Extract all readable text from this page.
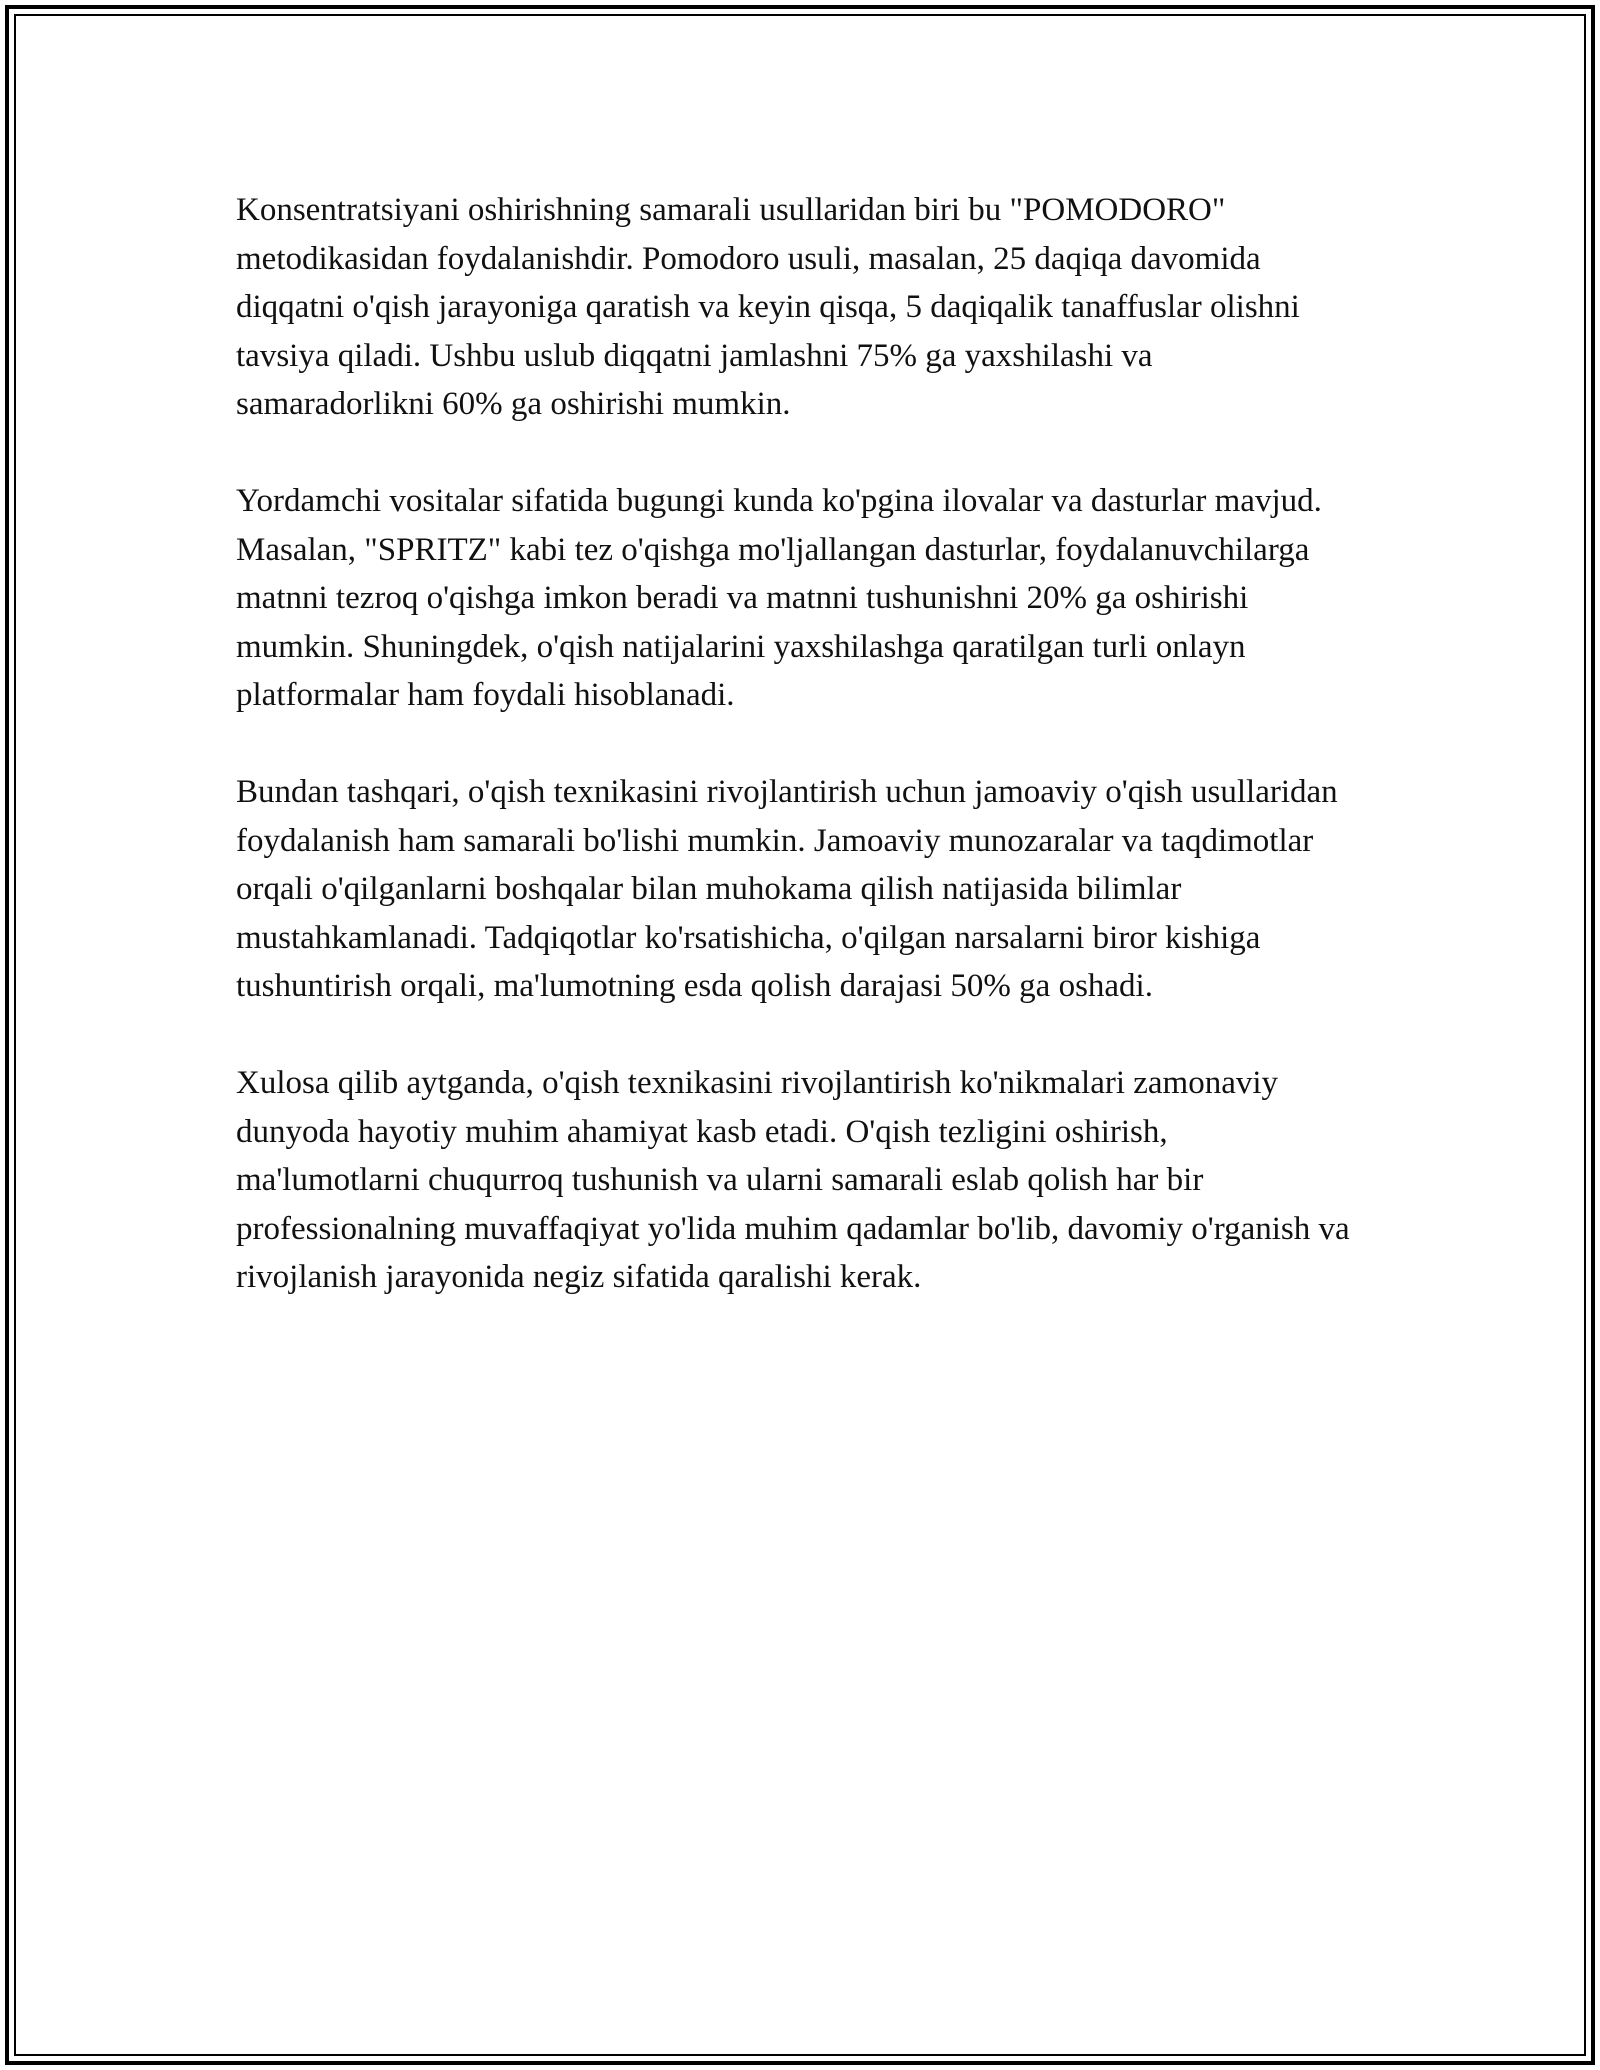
Konsentratsiyani oshirishning samarali usullaridan biri bu "POMODORO" metodikasidan foydalanishdir. Pomodoro usuli, masalan, 25 daqiqa davomida diqqatni o'qish jarayoniga qaratish va keyin qisqa, 5 daqiqalik tanaffuslar olishni tavsiya qiladi. Ushbu uslub diqqatni jamlashni 75% ga yaxshilashi va samaradorlikni 60% ga oshirishi mumkin.

Yordamchi vositalar sifatida bugungi kunda ko'pgina ilovalar va dasturlar mavjud. Masalan, "SPRITZ" kabi tez o'qishga mo'ljallangan dasturlar, foydalanuvchilarga matnni tezroq o'qishga imkon beradi va matnni tushunishni 20% ga oshirishi mumkin. Shuningdek, o'qish natijalarini yaxshilashga qaratilgan turli onlayn platformalar ham foydali hisoblanadi.

Bundan tashqari, o'qish texnikasini rivojlantirish uchun jamoaviy o'qish usullaridan foydalanish ham samarali bo'lishi mumkin. Jamoaviy munozaralar va taqdimotlar orqali o'qilganlarni boshqalar bilan muhokama qilish natijasida bilimlar mustahkamlanadi. Tadqiqotlar ko'rsatishicha, o'qilgan narsalarni biror kishiga tushuntirish orqali, ma'lumotning esda qolish darajasi 50% ga oshadi.

Xulosa qilib aytganda, o'qish texnikasini rivojlantirish ko'nikmalari zamonaviy dunyoda hayotiy muhim ahamiyat kasb etadi. O'qish tezligini oshirish, ma'lumotlarni chuqurroq tushunish va ularni samarali eslab qolish har bir professionalning muvaffaqiyat yo'lida muhim qadamlar bo'lib, davomiy o'rganish va rivojlanish jarayonida negiz sifatida qaralishi kerak.
